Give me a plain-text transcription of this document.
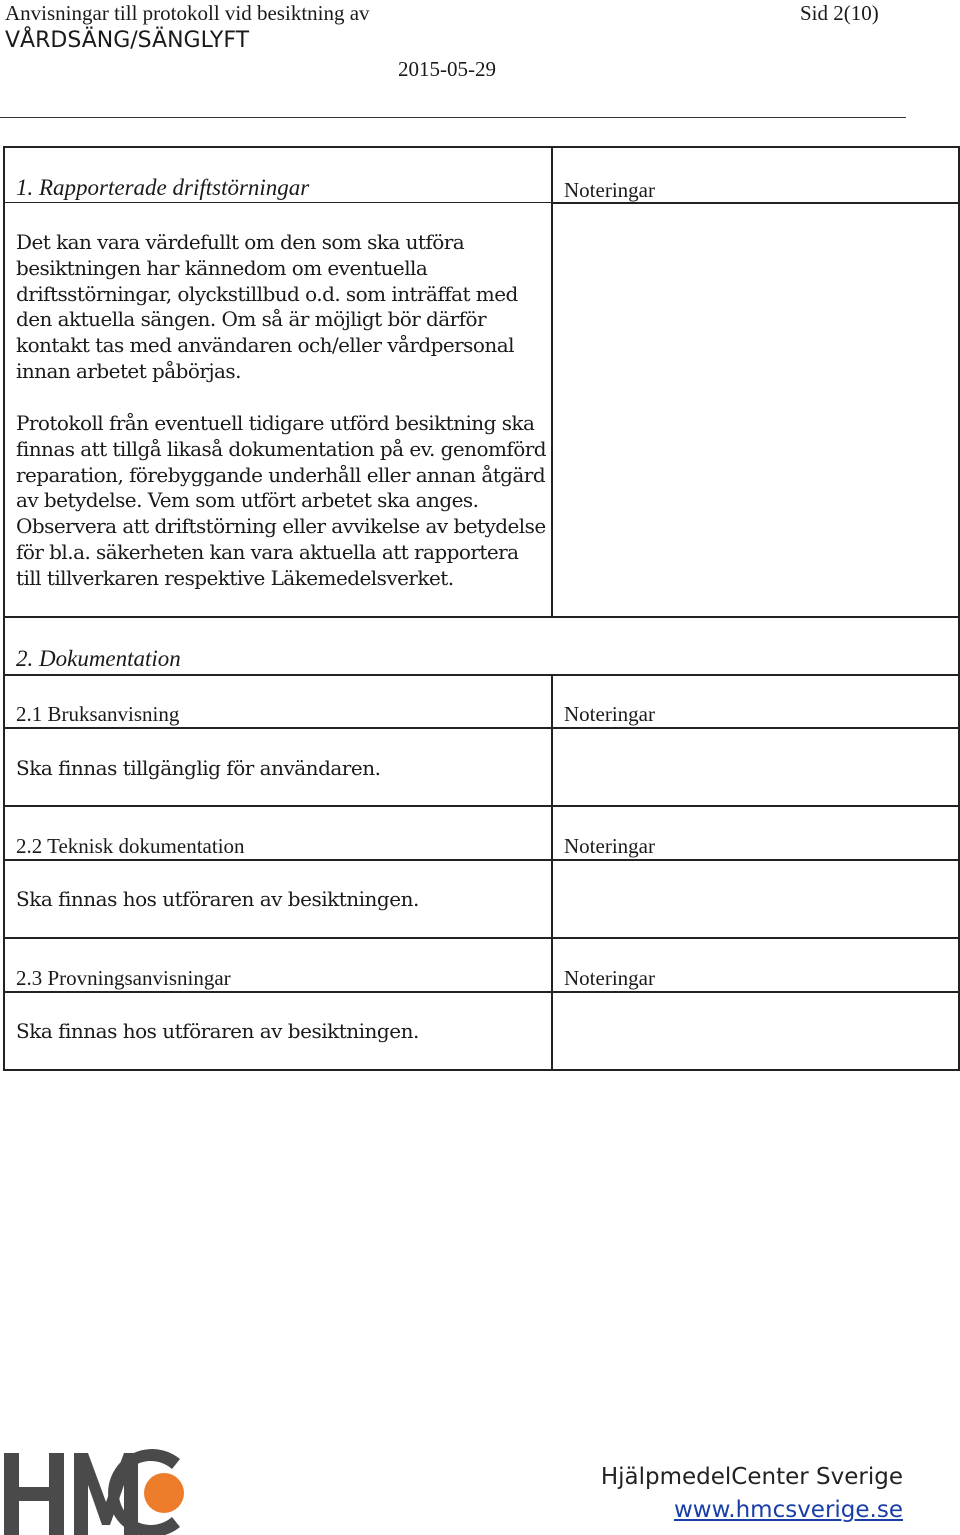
Anvisningar till protokoll vid besiktning av
VÅRDSÄNG/SÄNGLYFT
Sid 2(10)
2015-05-29
1. Rapporterade driftstörningar	Noteringar
Det kan vara värdefullt om den som ska utföra besiktningen har kännedom om eventuella driftsstörningar, olyckstillbud o.d. som inträffat med den aktuella sängen. Om så är möjligt bör därför kontakt tas med användaren och/eller vårdpersonal innan arbetet påbörjas.
Protokoll från eventuell tidigare utförd besiktning ska finnas att tillgå likaså dokumentation på ev. genomförd reparation, förebyggande underhåll eller annan åtgärd av betydelse. Vem som utfört arbetet ska anges. Observera att driftstörning eller avvikelse av betydelse för bl.a. säkerheten kan vara aktuella att rapportera till tillverkaren respektive Läkemedelsverket.
2. Dokumentation
2.1 Bruksanvisning	Noteringar
Ska finnas tillgänglig för användaren.
2.2 Teknisk dokumentation	Noteringar
Ska finnas hos utföraren av besiktningen.
2.3 Provningsanvisningar	Noteringar
Ska finnas hos utföraren av besiktningen.
HjälpmedelCenter Sverige
www.hmcsverige.se
